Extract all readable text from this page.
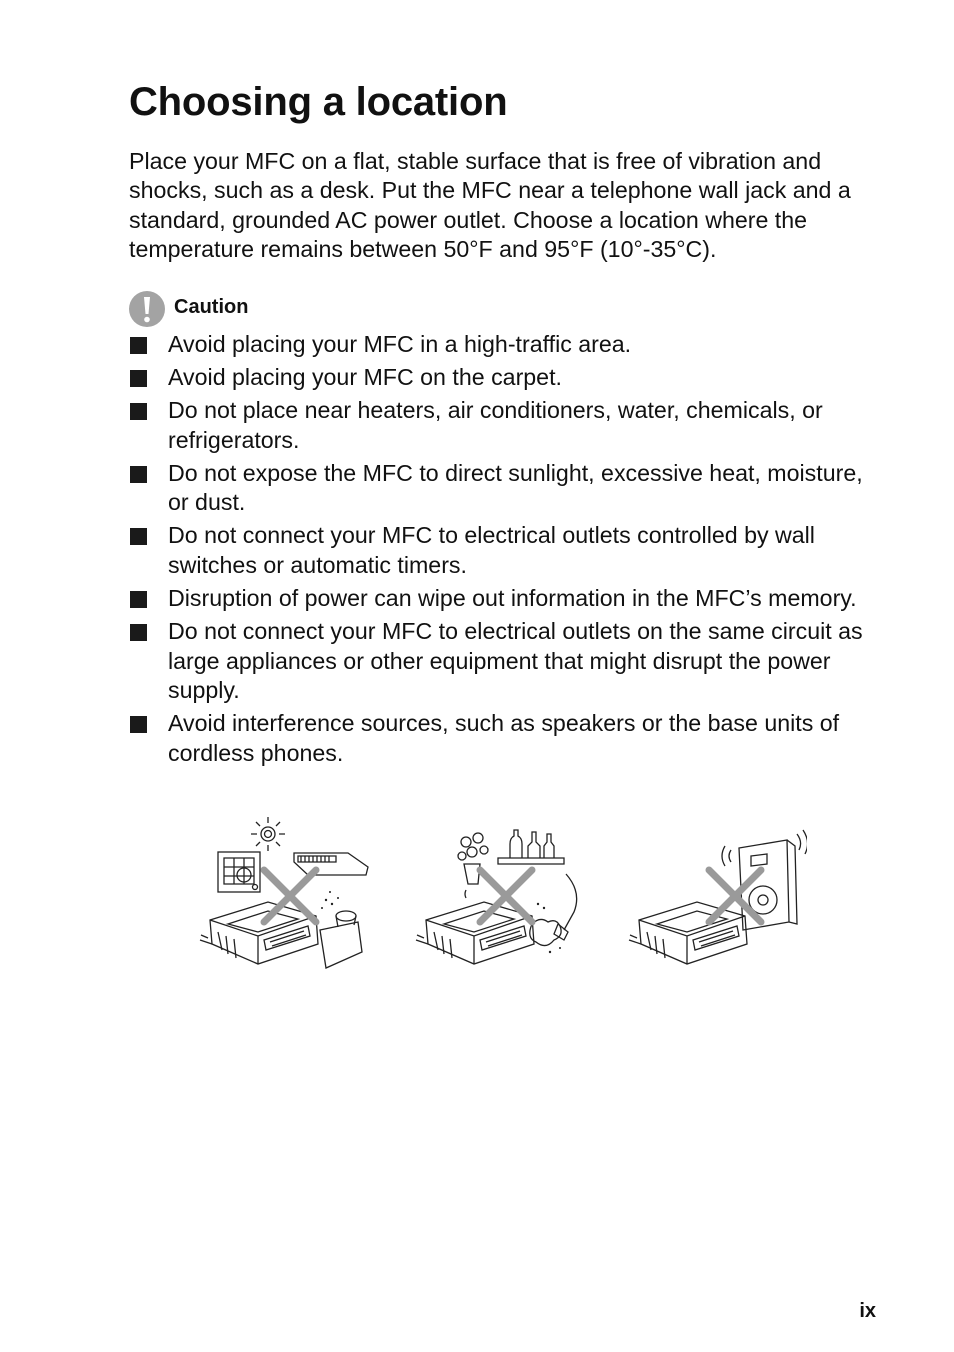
Choosing a location

Place your MFC on a flat, stable surface that is free of vibration and shocks, such as a desk. Put the MFC near a telephone wall jack and a standard, grounded AC power outlet. Choose a location where the temperature remains between 50°F and 95°F (10°-35°C).

Caution
Avoid placing your MFC in a high-traffic area.
Avoid placing your MFC on the carpet.
Do not place near heaters, air conditioners, water, chemicals, or refrigerators.
Do not expose the MFC to direct sunlight, excessive heat, moisture, or dust.
Do not connect your MFC to electrical outlets controlled by wall switches or automatic timers.
Disruption of power can wipe out information in the MFC’s memory.
Do not connect your MFC to electrical outlets on the same circuit as large appliances or other equipment that might disrupt the power supply.
Avoid interference sources, such as speakers or the base units of cordless phones.
ix
